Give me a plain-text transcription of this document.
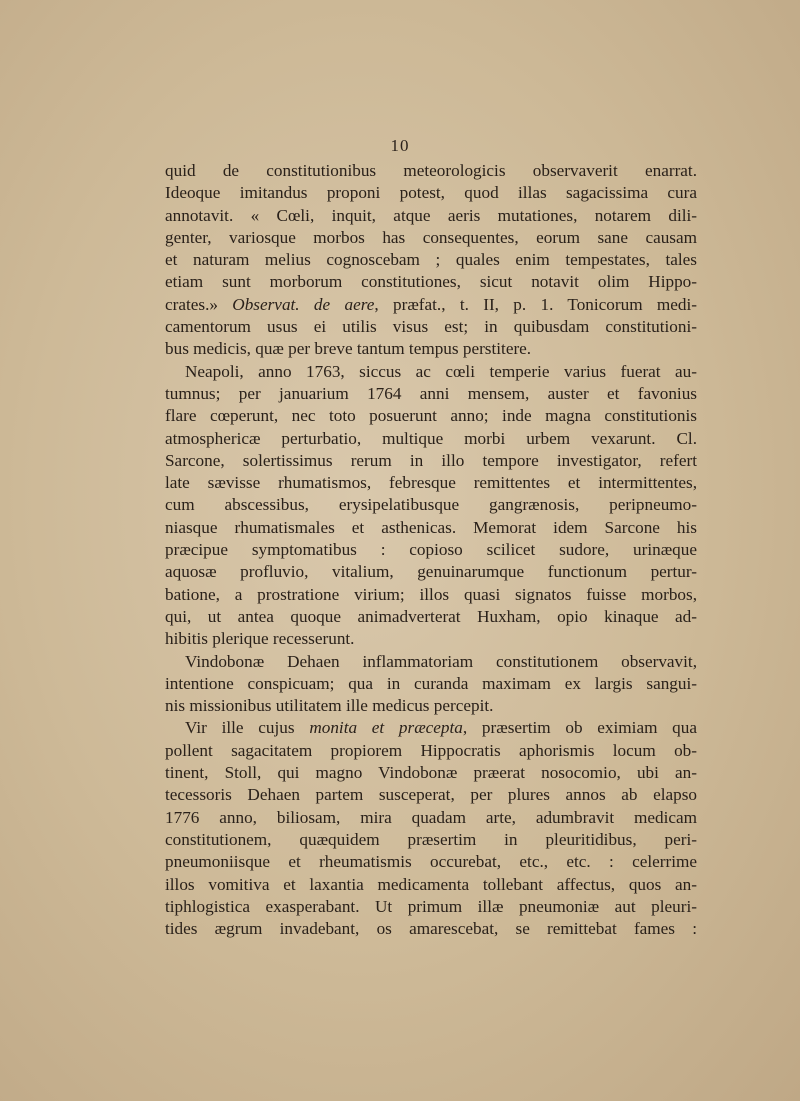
10
quid de constitutionibus meteorologicis observaverit enarrat.
Ideoque imitandus proponi potest, quod illas sagacissima cura
annotavit. « Cœli, inquit, atque aeris mutationes, notarem dili-
genter, variosque morbos has consequentes, eorum sane causam
et naturam melius cognoscebam ; quales enim tempestates, tales
etiam sunt morborum constitutiones, sicut notavit olim Hippo-
crates.» Observat. de aere, præfat., t. II, p. 1. Tonicorum medi-
camentorum usus ei utilis visus est; in quibusdam constitutioni-
bus medicis, quæ per breve tantum tempus perstitere.
Neapoli, anno 1763, siccus ac cœli temperie varius fuerat au-
tumnus; per januarium 1764 anni mensem, auster et favonius
flare cœperunt, nec toto posuerunt anno; inde magna constitutionis
atmosphericæ perturbatio, multique morbi urbem vexarunt. Cl.
Sarcone, solertissimus rerum in illo tempore investigator, refert
late sævisse rhumatismos, febresque remittentes et intermittentes,
cum abscessibus, erysipelatibusque gangrænosis, peripneumo-
niasque rhumatismales et asthenicas. Memorat idem Sarcone his
præcipue symptomatibus : copioso scilicet sudore, urinæque
aquosæ profluvio, vitalium, genuinarumque functionum pertur-
batione, a prostratione virium; illos quasi signatos fuisse morbos,
qui, ut antea quoque animadverterat Huxham, opio kinaque ad-
hibitis plerique recesserunt.
Vindobonæ Dehaen inflammatoriam constitutionem observavit,
intentione conspicuam; qua in curanda maximam ex largis sangui-
nis missionibus utilitatem ille medicus percepit.
Vir ille cujus monita et præcepta, præsertim ob eximiam qua
pollent sagacitatem propiorem Hippocratis aphorismis locum ob-
tinent, Stoll, qui magno Vindobonæ præerat nosocomio, ubi an-
tecessoris Dehaen partem susceperat, per plures annos ab elapso
1776 anno, biliosam, mira quadam arte, adumbravit medicam
constitutionem, quæquidem præsertim in pleuritidibus, peri-
pneumoniisque et rheumatismis occurebat, etc., etc. : celerrime
illos vomitiva et laxantia medicamenta tollebant affectus, quos an-
tiphlogistica exasperabant. Ut primum illæ pneumoniæ aut pleuri-
tides ægrum invadebant, os amarescebat, se remittebat fames :
